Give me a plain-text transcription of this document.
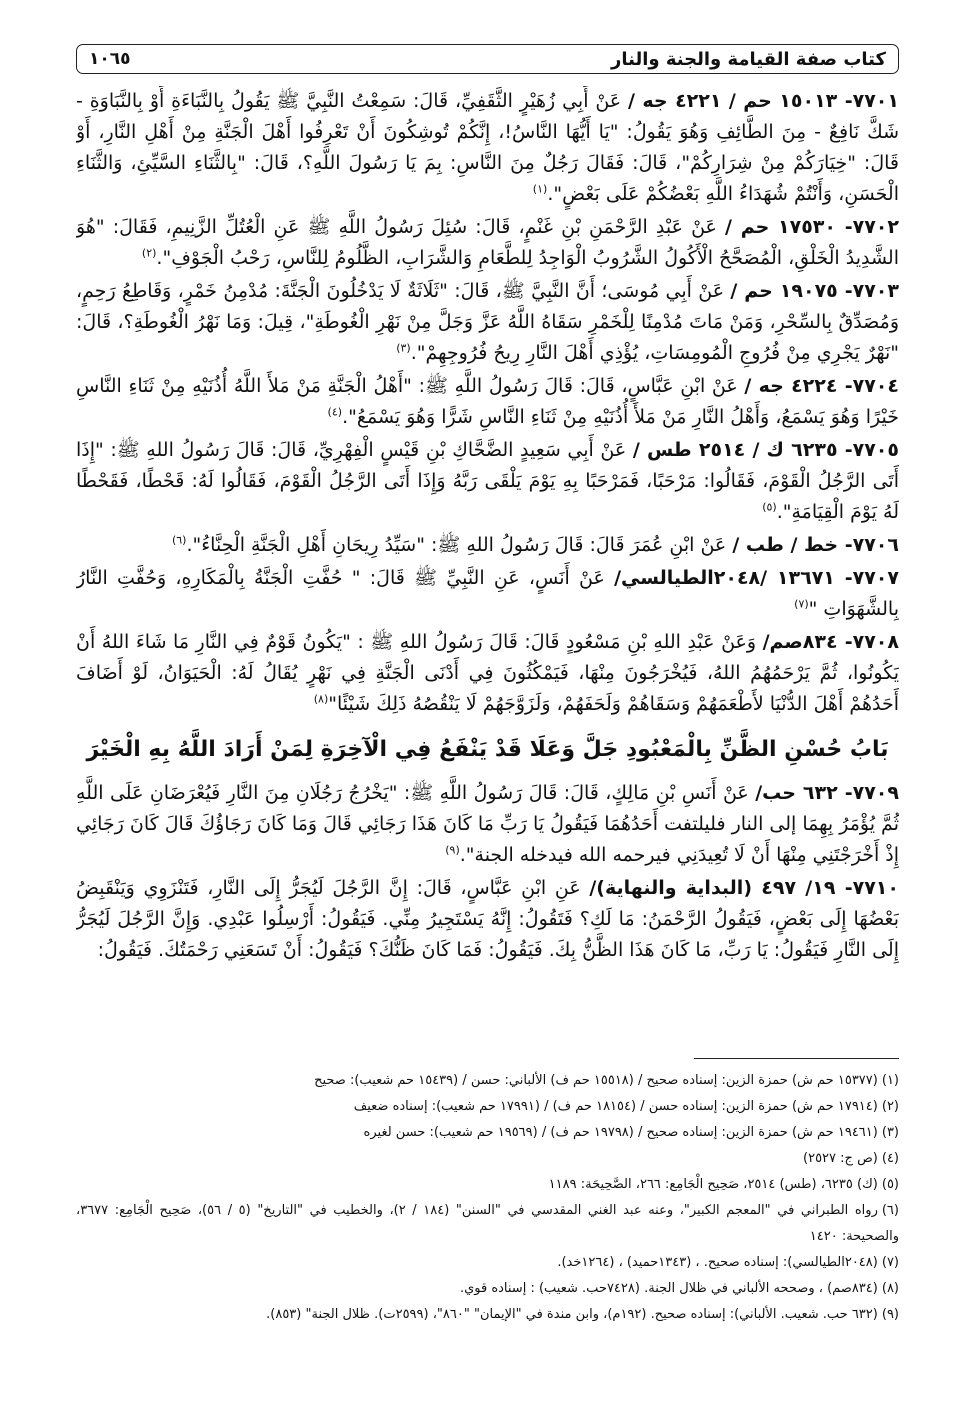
كتاب صفة القيامة والجنة والنار
١٠٦٥

٧٧٠١- ١٥٠١٣ حم / ٤٢٢١ جه / عَنْ أَبِي زُهَيْرٍ الثَّقَفِيِّ، قَالَ: سَمِعْتُ النَّبِيَّ ﷺ يَقُولُ بِالنَّبَاءَةِ أَوْ بِالنَّبَاوَةِ - شَكَّ نَافِعٌ - مِنَ الطَّائِفِ وَهُوَ يَقُولُ: "يَا أَيُّهَا النَّاسُ!، إِنَّكُمْ تُوشِكُونَ أَنْ تَعْرِفُوا أَهْلَ الْجَنَّةِ مِنْ أَهْلِ النَّارِ، أَوْ قَالَ: "خِيَارَكُمْ مِنْ شِرَارِكُمْ"، قَالَ: فَقَالَ رَجُلٌ مِنَ النَّاسِ: بِمَ يَا رَسُولَ اللَّهِ؟، قَالَ: "بِالثَّنَاءِ السَّيِّئِ، وَالثَّنَاءِ الْحَسَنِ، وَأَنْتُمْ شُهَدَاءُ اللَّهِ بَعْضُكُمْ عَلَى بَعْضٍ".$^{(١)}$

٧٧٠٢- ١٧٥٣٠ حم / عَنْ عَبْدِ الرَّحْمَنِ بْنِ غَنْمٍ، قَالَ: سُئِلَ رَسُولُ اللَّهِ ﷺ عَنِ الْعُتُلِّ الزَّنِيمِ، فَقَالَ: "هُوَ الشَّدِيدُ الْخَلْقِ، الْمُصَحَّحُ الْأَكُولُ الشَّرُوبُ الْوَاجِدُ لِلطَّعَامِ وَالشَّرَابِ، الظَّلُومُ لِلنَّاسِ، رَحْبُ الْجَوْفِ".$^{(٢)}$

٧٧٠٣- ١٩٠٧٥ حم / عَنْ أَبِي مُوسَى؛ أَنَّ النَّبِيَّ ﷺ، قَالَ: "ثَلَاثَةٌ لَا يَدْخُلُونَ الْجَنَّةَ: مُدْمِنُ خَمْرٍ، وَقَاطِعُ رَحِمٍ، وَمُصَدِّقٌ بِالسِّحْرِ، وَمَنْ مَاتَ مُدْمِنًا لِلْخَمْرِ سَقَاهُ اللَّهُ عَزَّ وَجَلَّ مِنْ نَهْرِ الْغُوطَةِ"، قِيلَ: وَمَا نَهْرُ الْغُوطَةِ؟، قَالَ: "نَهْرٌ يَجْرِي مِنْ فُرُوجِ الْمُومِسَاتِ، يُؤْذِي أَهْلَ النَّارِ رِيحُ فُرُوجِهِمْ".$^{(٣)}$

٧٧٠٤- ٤٢٢٤ جه / عَنْ ابْنِ عَبَّاسٍ، قَالَ: قَالَ رَسُولُ اللَّهِ ﷺ: "أَهْلُ الْجَنَّةِ مَنْ مَلأَ اللَّهُ أُذُنَيْهِ مِنْ ثَنَاءِ النَّاسِ خَيْرًا وَهُوَ يَسْمَعُ، وَأَهْلُ النَّارِ مَنْ مَلأَ أُذُنَيْهِ مِنْ ثَنَاءِ النَّاسِ شَرًّا وَهُوَ يَسْمَعُ".$^{(٤)}$

٧٧٠٥- ٦٢٣٥ ك / ٢٥١٤ طس / عَنْ أَبِي سَعِيدٍ الضَّحَّاكِ بْنِ قَيْسٍ الْفِهْرِيِّ، قَالَ: قَالَ رَسُولُ اللهِ ﷺ: "إِذَا أَتَى الرَّجُلُ الْقَوْمَ، فَقَالُوا: مَرْحَبًا، فَمَرْحَبًا بِهِ يَوْمَ يَلْقَى رَبَّهُ وَإِذَا أَتَى الرَّجُلُ الْقَوْمَ، فَقَالُوا لَهُ: قَحْطًا، فَقَحْطًا لَهُ يَوْمَ الْقِيَامَةِ".$^{(٥)}$

٧٧٠٦- خط / طب / عَنْ ابْنِ عُمَرَ قَالَ: قَالَ رَسُولُ اللهِ ﷺ: "سَيِّدُ رِيحَانِ أَهْلِ الْجَنَّةِ الْحِنَّاءُ".$^{(٦)}$

٧٧٠٧- ١٣٦٧١ /٢٠٤٨الطيالسي/ عَنْ أَنَسٍ، عَنِ النَّبِيِّ ﷺ قَالَ: " حُفَّتِ الْجَنَّةُ بِالْمَكَارِهِ، وَحُفَّتِ النَّارُ بِالشَّهَوَاتِ "$^{(٧)}$

٧٧٠٨- ٨٣٤صم/ وَعَنْ عَبْدِ اللهِ بْنِ مَسْعُودٍ قَالَ: قَالَ رَسُولُ اللهِ ﷺ : "يَكُونُ قَوْمٌ فِي النَّارِ مَا شَاءَ اللهُ أَنْ يَكُونُوا، ثُمَّ يَرْحَمُهُمُ اللهُ، فَيُخْرَجُونَ مِنْهَا، فَيَمْكُثُونَ فِي أَدْنَى الْجَنَّةِ فِي نَهْرٍ يُقَالُ لَهُ: الْحَيَوَانُ، لَوْ أَضَافَ أَحَدُهُمْ أَهْلَ الدُّنْيَا لأَطْعَمَهُمْ وَسَقَاهُمْ وَلَحَفَهُمْ، وَلَزَوَّجَهُمْ لَا يَنْقُصُهُ ذَلِكَ شَيْئًا"$^{(٨)}$

بَابُ حُسْنِ الظَّنِّ بِالْمَعْبُودِ جَلَّ وَعَلَا قَدْ يَنْفَعُ فِي الْآخِرَةِ لِمَنْ أَرَادَ اللَّهُ بِهِ الْخَيْرَ

٧٧٠٩- ٦٣٢ حب/ عَنْ أَنَسِ بْنِ مَالِكٍ، قَالَ: قَالَ رَسُولُ اللَّهِ ﷺ: "يَخْرُجُ رَجُلَانِ مِنَ النَّارِ فَيُعْرَضَانِ عَلَى اللَّهِ ثُمَّ يُؤْمَرُ بِهِمَا إلى النار فليلتفت أَحَدُهُمَا فَيَقُولُ يَا رَبِّ مَا كَانَ هَذَا رَجَائِي قَالَ وَمَا كَانَ رَجَاؤُكَ قَالَ كَانَ رَجَائِي إِذْ أَخْرَجْتَنِي مِنْهَا أَنْ لَا تُعِيدَنِي فيرحمه الله فيدخله الجنة".$^{(٩)}$

٧٧١٠- ١٩/ ٤٩٧ (البداية والنهاية)/ عَنِ ابْنِ عَبَّاسٍ، قَالَ: إِنَّ الرَّجُلَ لَيُجَرُّ إِلَى النَّارِ، فَتَنْزَوِي وَيَنْقَبِضُ بَعْضُهَا إِلَى بَعْضٍ، فَيَقُولُ الرَّحْمَنُ: مَا لَكِ؟ فَتَقُولُ: إِنَّهُ يَسْتَجِيرُ مِنِّي. فَيَقُولُ: أَرْسِلُوا عَبْدِي. وَإِنَّ الرَّجُلَ لَيُجَرُّ إِلَى النَّارِ فَيَقُولُ: يَا رَبِّ، مَا كَانَ هَذَا الظَّنُّ بِكَ. فَيَقُولُ: فَمَا كَانَ ظَنُّكَ؟ فَيَقُولُ: أَنْ تَسَعَنِي رَحْمَتُكَ. فَيَقُولُ:

(١)(١٥٣٧٧ حم ش) حمزة الزين: إسناده صحيح / (١٥٥١٨ حم ف) الألباني: حسن / (١٥٤٣٩ حم شعيب): صحيح

(٢)(١٧٩١٤ حم ش) حمزة الزين: إسناده حسن / (١٨١٥٤ حم ف) / (١٧٩٩١ حم شعيب): إسناده ضعيف

(٣)(١٩٤٦١ حم ش) حمزة الزين: إسناده صحيح / (١٩٧٩٨ حم ف) / (١٩٥٦٩ حم شعيب): حسن لغيره

(٤)(ص ج: ٢٥٢٧)

(٥)(ك) ٦٢٣٥، (طس) ٢٥١٤، صَحِيح الْجَامِع: ٢٦٦، الصَّحِيحَة: ١١٨٩

(٦)رواه الطبراني في "المعجم الكبير"، وعنه عبد الغني المقدسي في "السنن" (١٨٤ / ٢)، والخطيب في "التاريخ" (٥ / ٥٦)، صَحِيح الْجَامِع: ٣٦٧٧، والصحيحة: ١٤٢٠

(٧)(٢٠٤٨الطيالسي): إسناده صحيح. ، (١٣٤٣حميد) ، (١٢٦٤خد).

(٨)(٨٣٤صم) ، وصححه الألباني في ظلال الجنة. (٧٤٢٨حب. شعيب) : إسناده قوي.

(٩)(٦٣٢ حب. شعيب. الألباني): إسناده صحيح. (١٩٢م)، وابن مندة في "الإيمان" "٨٦٠"، (٢٥٩٩ت). ظلال الجنة" (٨٥٣).
